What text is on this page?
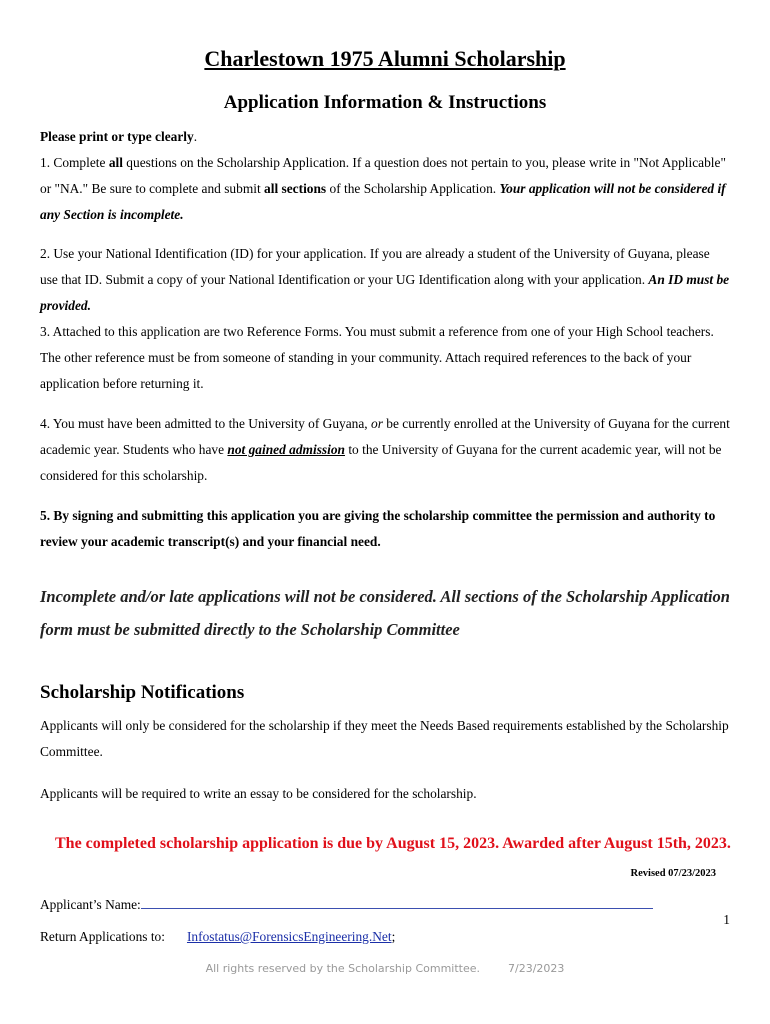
Charlestown 1975 Alumni Scholarship
Application Information & Instructions

Please print or type clearly.

1. Complete all questions on the Scholarship Application. If a question does not pertain to you, please write in "Not Applicable" or "NA." Be sure to complete and submit all sections of the Scholarship Application. Your application will not be considered if any Section is incomplete.

2. Use your National Identification (ID) for your application. If you are already a student of the University of Guyana, please use that ID. Submit a copy of your National Identification or your UG Identification along with your application. An ID must be provided.

3. Attached to this application are two Reference Forms. You must submit a reference from one of your High School teachers. The other reference must be from someone of standing in your community. Attach required references to the back of your application before returning it.

4. You must have been admitted to the University of Guyana, or be currently enrolled at the University of Guyana for the current academic year. Students who have not gained admission to the University of Guyana for the current academic year, will not be considered for this scholarship.

5. By signing and submitting this application you are giving the scholarship committee the permission and authority to review your academic transcript(s) and your financial need.

Incomplete and/or late applications will not be considered. All sections of the Scholarship Application form must be submitted directly to the Scholarship Committee
Scholarship Notifications

Applicants will only be considered for the scholarship if they meet the Needs Based requirements established by the Scholarship Committee.

Applicants will be required to write an essay to be considered for the scholarship.

The completed scholarship application is due by August 15, 2023. Awarded after August 15th, 2023.
Revised 07/23/2023
Applicant’s Name:
1
Return Applications to: Infostatus@ForensicsEngineering.Net;
All rights reserved by the Scholarship Committee.	7/23/2023
